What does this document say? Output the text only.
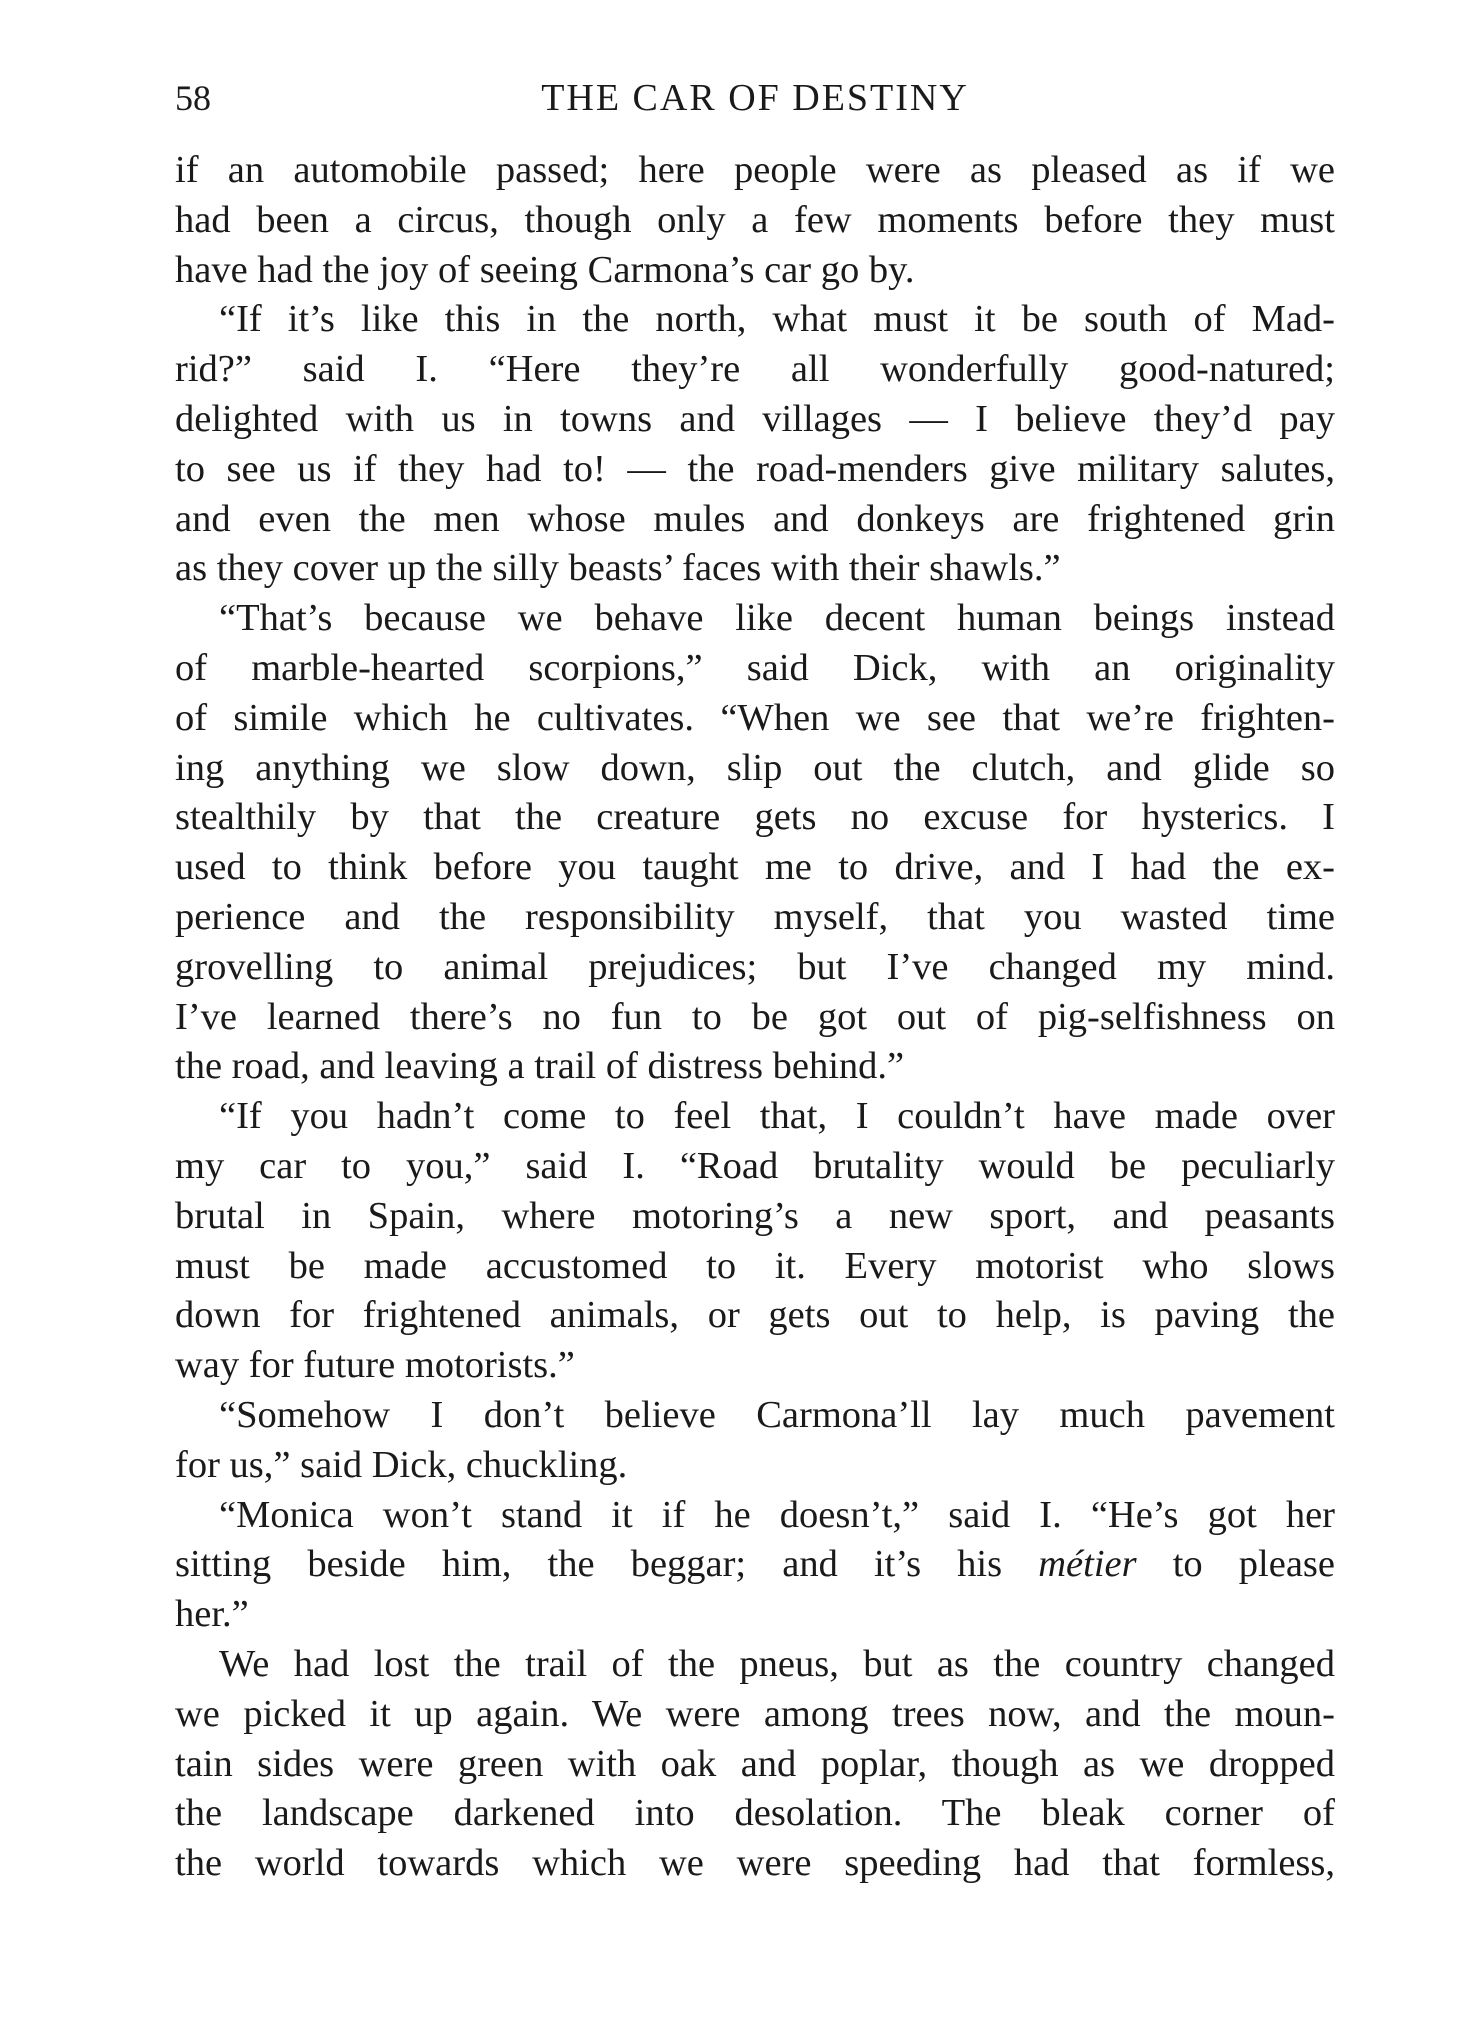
58	THE CAR OF DESTINY
if an automobile passed; here people were as pleased as if we
had been a circus, though only a few moments before they must
have had the joy of seeing Carmona’s car go by.
“If it’s like this in the north, what must it be south of Mad-
rid?” said I. “Here they’re all wonderfully good-natured;
delighted with us in towns and villages — I believe they’d pay
to see us if they had to! — the road-menders give military salutes,
and even the men whose mules and donkeys are frightened grin
as they cover up the silly beasts’ faces with their shawls.”
“That’s because we behave like decent human beings instead
of marble-hearted scorpions,” said Dick, with an originality
of simile which he cultivates. “When we see that we’re frighten-
ing anything we slow down, slip out the clutch, and glide so
stealthily by that the creature gets no excuse for hysterics. I
used to think before you taught me to drive, and I had the ex-
perience and the responsibility myself, that you wasted time
grovelling to animal prejudices; but I’ve changed my mind.
I’ve learned there’s no fun to be got out of pig-selfishness on
the road, and leaving a trail of distress behind.”
“If you hadn’t come to feel that, I couldn’t have made over
my car to you,” said I. “Road brutality would be peculiarly
brutal in Spain, where motoring’s a new sport, and peasants
must be made accustomed to it. Every motorist who slows
down for frightened animals, or gets out to help, is paving the
way for future motorists.”
“Somehow I don’t believe Carmona’ll lay much pavement
for us,” said Dick, chuckling.
“Monica won’t stand it if he doesn’t,” said I. “He’s got her
sitting beside him, the beggar; and it’s his métier to please
her.”
We had lost the trail of the pneus, but as the country changed
we picked it up again. We were among trees now, and the moun-
tain sides were green with oak and poplar, though as we dropped
the landscape darkened into desolation. The bleak corner of
the world towards which we were speeding had that formless,
